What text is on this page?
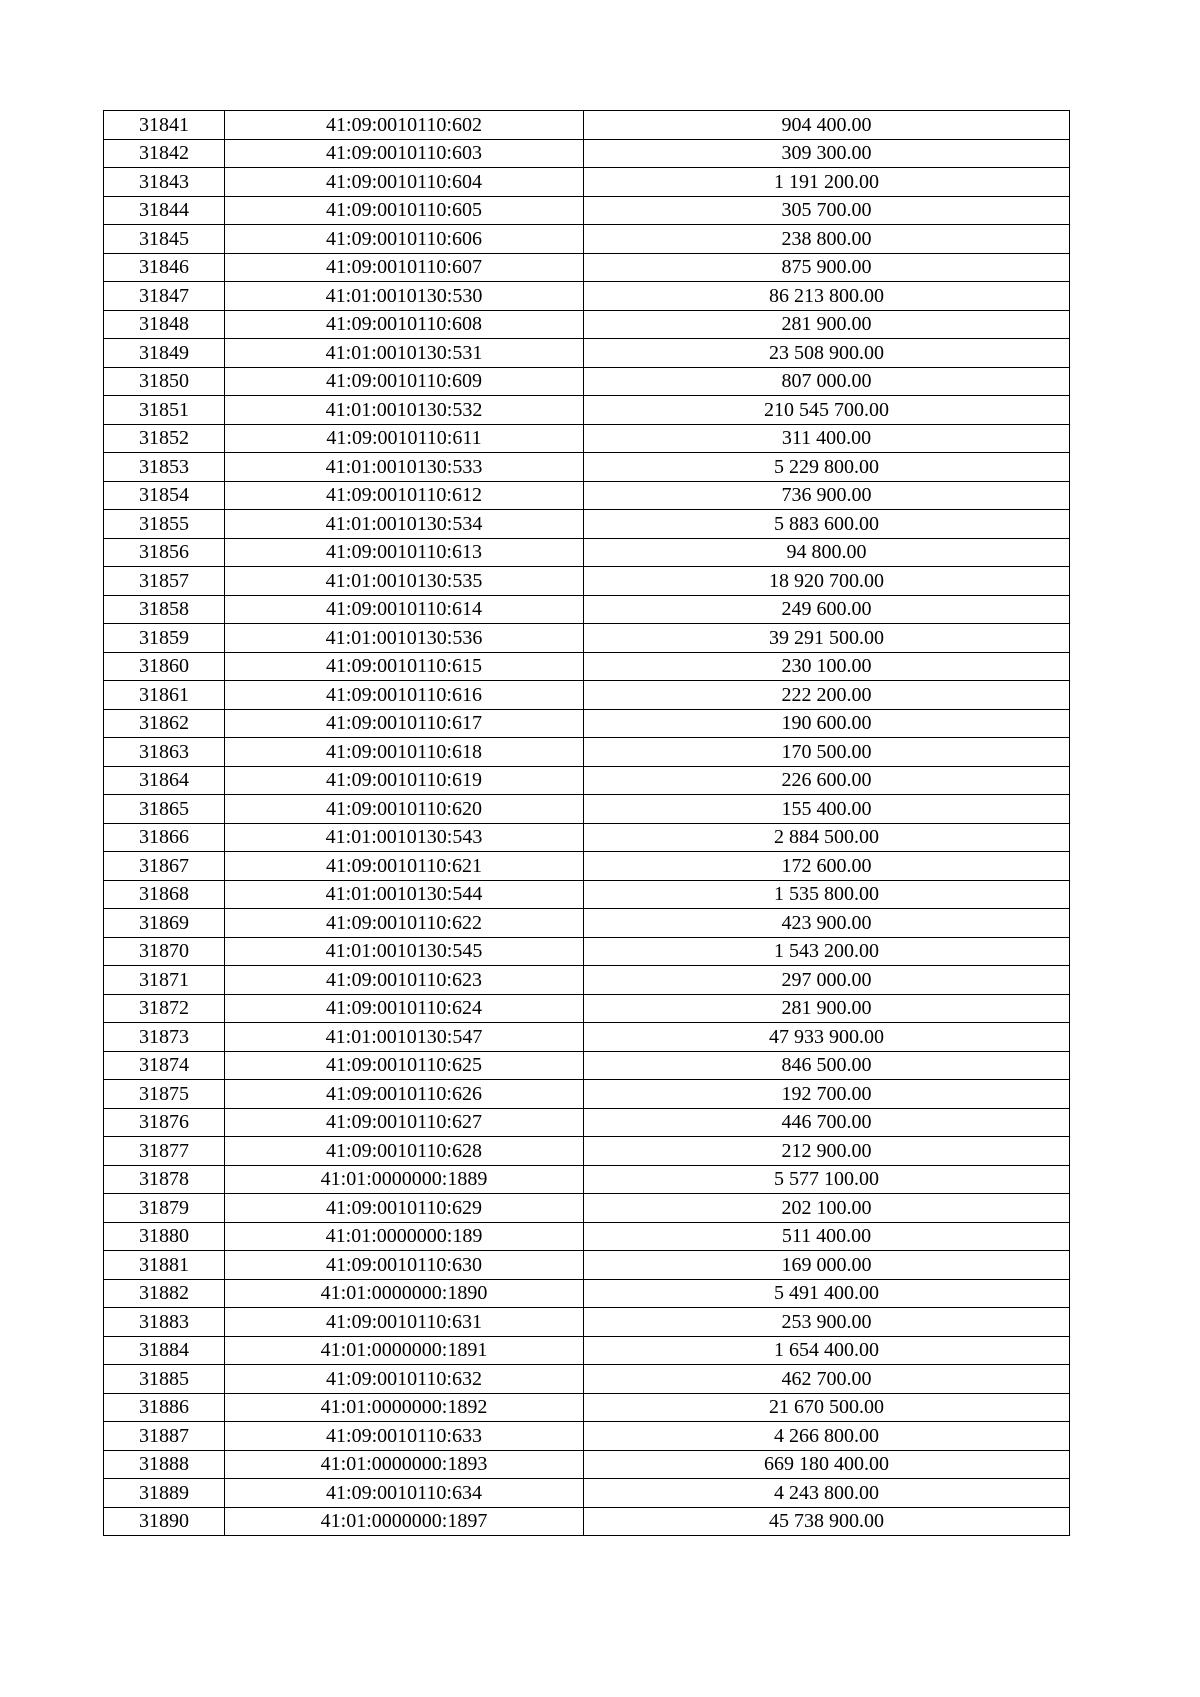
31841	41:09:0010110:602	904 400.00
31842	41:09:0010110:603	309 300.00
31843	41:09:0010110:604	1 191 200.00
31844	41:09:0010110:605	305 700.00
31845	41:09:0010110:606	238 800.00
31846	41:09:0010110:607	875 900.00
31847	41:01:0010130:530	86 213 800.00
31848	41:09:0010110:608	281 900.00
31849	41:01:0010130:531	23 508 900.00
31850	41:09:0010110:609	807 000.00
31851	41:01:0010130:532	210 545 700.00
31852	41:09:0010110:611	311 400.00
31853	41:01:0010130:533	5 229 800.00
31854	41:09:0010110:612	736 900.00
31855	41:01:0010130:534	5 883 600.00
31856	41:09:0010110:613	94 800.00
31857	41:01:0010130:535	18 920 700.00
31858	41:09:0010110:614	249 600.00
31859	41:01:0010130:536	39 291 500.00
31860	41:09:0010110:615	230 100.00
31861	41:09:0010110:616	222 200.00
31862	41:09:0010110:617	190 600.00
31863	41:09:0010110:618	170 500.00
31864	41:09:0010110:619	226 600.00
31865	41:09:0010110:620	155 400.00
31866	41:01:0010130:543	2 884 500.00
31867	41:09:0010110:621	172 600.00
31868	41:01:0010130:544	1 535 800.00
31869	41:09:0010110:622	423 900.00
31870	41:01:0010130:545	1 543 200.00
31871	41:09:0010110:623	297 000.00
31872	41:09:0010110:624	281 900.00
31873	41:01:0010130:547	47 933 900.00
31874	41:09:0010110:625	846 500.00
31875	41:09:0010110:626	192 700.00
31876	41:09:0010110:627	446 700.00
31877	41:09:0010110:628	212 900.00
31878	41:01:0000000:1889	5 577 100.00
31879	41:09:0010110:629	202 100.00
31880	41:01:0000000:189	511 400.00
31881	41:09:0010110:630	169 000.00
31882	41:01:0000000:1890	5 491 400.00
31883	41:09:0010110:631	253 900.00
31884	41:01:0000000:1891	1 654 400.00
31885	41:09:0010110:632	462 700.00
31886	41:01:0000000:1892	21 670 500.00
31887	41:09:0010110:633	4 266 800.00
31888	41:01:0000000:1893	669 180 400.00
31889	41:09:0010110:634	4 243 800.00
31890	41:01:0000000:1897	45 738 900.00
